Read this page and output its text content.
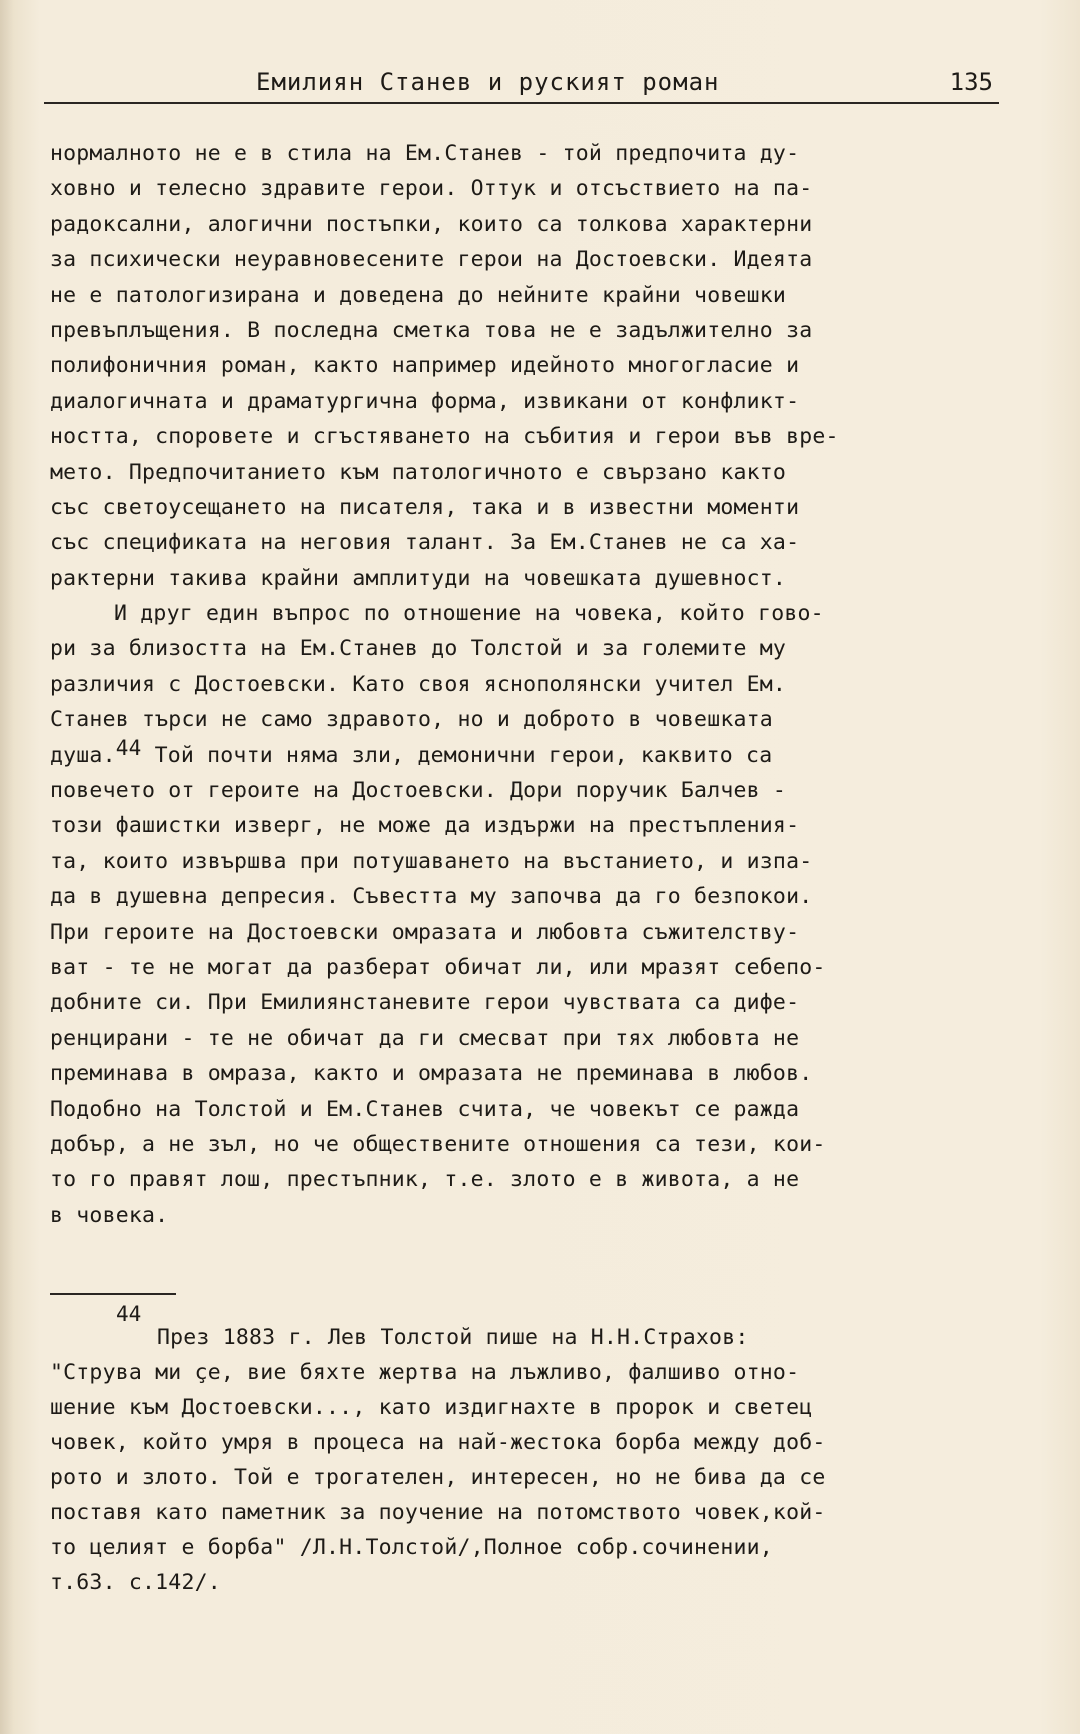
Емилиян Станев и руският роман	135
нормалното не е в стила на Ем.Станев - той предпочита ду-
ховно и телесно здравите герои. Оттук и отсъствието на па-
радоксални, алогични постъпки, които са толкова характерни
за психически неуравновесените герои на Достоевски. Идеята
не е патологизирана и доведена до нейните крайни човешки
превъплъщения. В последна сметка това не е задължително за
полифоничния роман, както например идейното многогласие и
диалогичната и драматургична форма, извикани от конфликт-
ността, споровете и сгъстяването на събития и герои във вре-
мето. Предпочитанието към патологичното е свързано както
със светоусещането на писателя, така и в известни моменти
със спецификата на неговия талант. За Ем.Станев не са ха-
рактерни такива крайни амплитуди на човешката душевност.
И друг един въпрос по отношение на човека, който гово-
ри за близостта на Ем.Станев до Толстой и за големите му
различия с Достоевски. Като своя яснополянски учител Ем.
Станев търси не само здравото, но и доброто в човешката
душа.$^{44}$ Той почти няма зли, демонични герои, каквито са
повечето от героите на Достоевски. Дори поручик Балчев -
този фашистки изверг, не може да издържи на престъпления-
та, които извършва при потушаването на въстанието, и изпа-
да в душевна депресия. Съвестта му започва да го безпокои.
При героите на Достоевски омразата и любовта съжителству-
ват - те не могат да разберат обичат ли, или мразят себепо-
добните си. При Емилиянстаневите герои чувствата са дифе-
ренцирани - те не обичат да ги смесват при тях любовта не
преминава в омраза, както и омразата не преминава в любов.
Подобно на Толстой и Ем.Станев счита, че човекът се ражда
добър, а не зъл, но че обществените отношения са тези, кои-
то го правят лош, престъпник, т.е. злото е в живота, а не
в човека.
44
През 1883 г. Лев Толстой пише на Н.Н.Страхов:
"Струва ми çе, вие бяхте жертва на лъжливо, фалшиво отно-
шение към Достоевски..., като издигнахте в пророк и светец
човек, който умря в процеса на най-жестока борба между доб-
рото и злото. Той е трогателен, интересен, но не бива да се
поставя като паметник за поучение на потомството човек,кой-
то целият е борба" /Л.Н.Толстой/,Полное собр.сочинении,
т.63. с.142/.
